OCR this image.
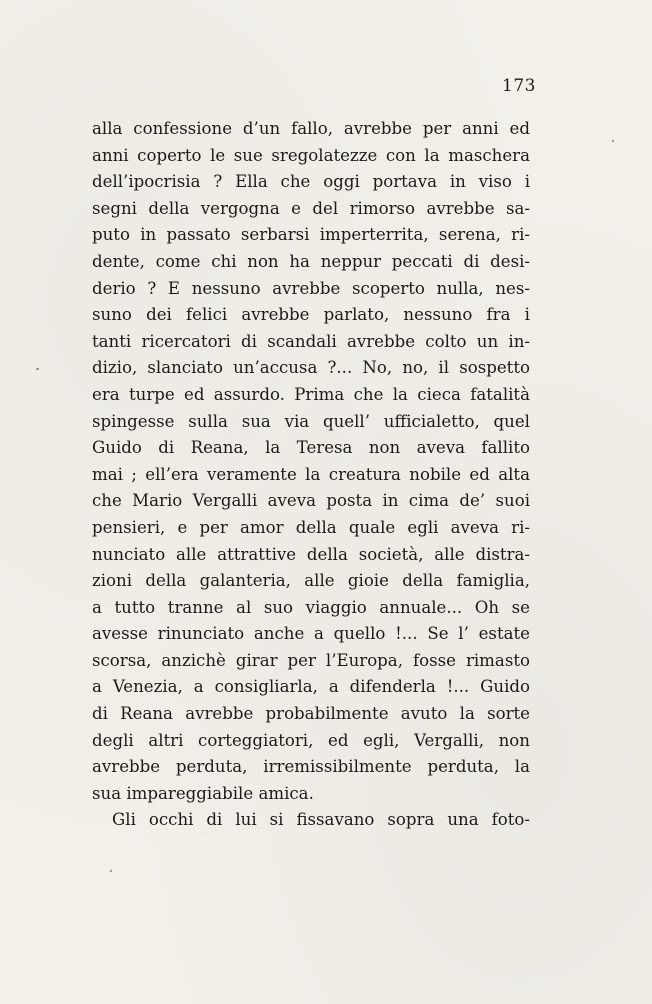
173
alla confessione d’un fallo, avrebbe per anni ed
anni coperto le sue sregolatezze con la maschera
dell’ipocrisia ? Ella che oggi portava in viso i
segni della vergogna e del rimorso avrebbe sa-
puto in passato serbarsi imperterrita, serena, ri-
dente, come chi non ha neppur peccati di desi-
derio ? E nessuno avrebbe scoperto nulla, nes-
suno dei felici avrebbe parlato, nessuno fra i
tanti ricercatori di scandali avrebbe colto un in-
dizio, slanciato un’accusa ?... No, no, il sospetto
era turpe ed assurdo. Prima che la cieca fatalità
spingesse sulla sua via quell’ ufficialetto, quel
Guido di Reana, la Teresa non aveva fallito
mai ; ell’era veramente la creatura nobile ed alta
che Mario Vergalli aveva posta in cima de’ suoi
pensieri, e per amor della quale egli aveva ri-
nunciato alle attrattive della società, alle distra-
zioni della galanteria, alle gioie della famiglia,
a tutto tranne al suo viaggio annuale... Oh se
avesse rinunciato anche a quello !... Se l’ estate
scorsa, anzichè girar per l’Europa, fosse rimasto
a Venezia, a consigliarla, a difenderla !... Guido
di Reana avrebbe probabilmente avuto la sorte
degli altri corteggiatori, ed egli, Vergalli, non
avrebbe perduta, irremissibilmente perduta, la
sua impareggiabile amica.
Gli occhi di lui si fissavano sopra una foto-
